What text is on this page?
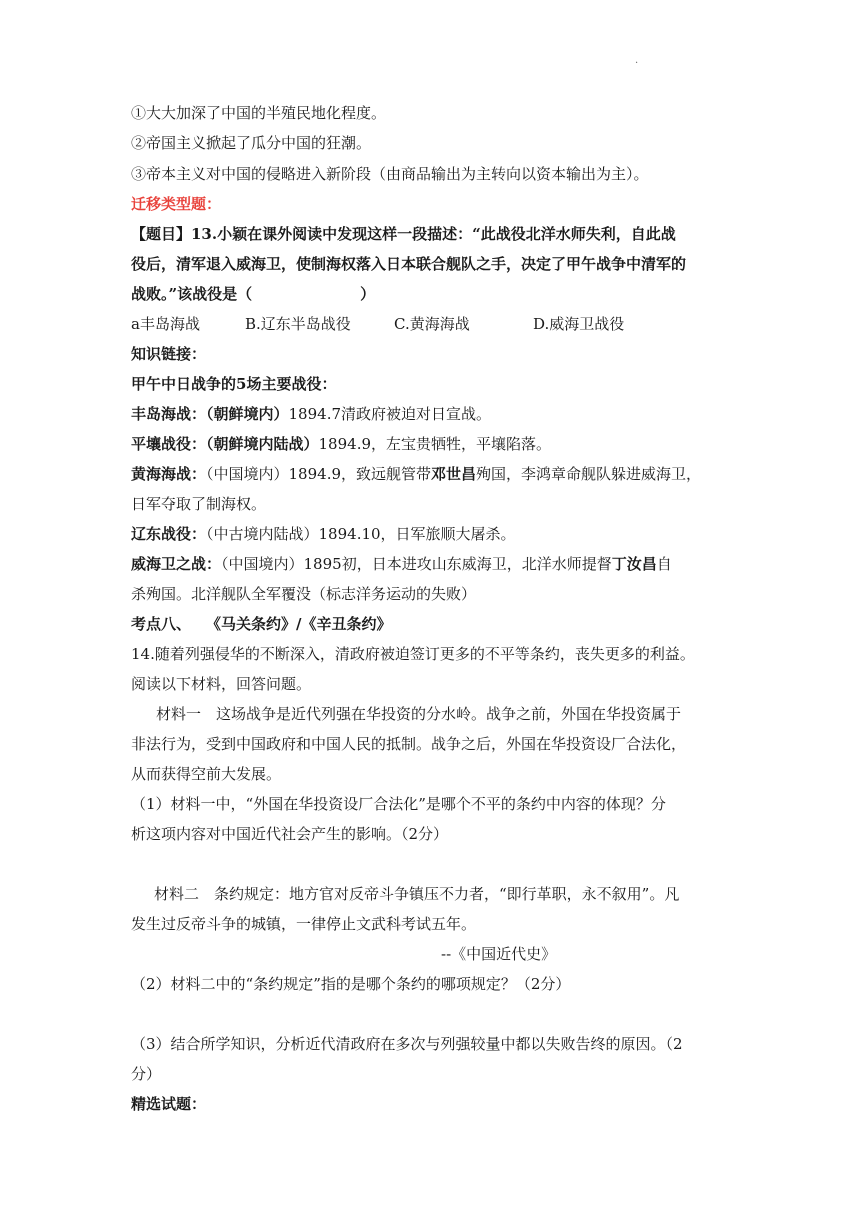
.
①大大加深了中国的半殖民地化程度。
②帝国主义掀起了瓜分中国的狂潮。
③帝本主义对中国的侵略进入新阶段（由商品输出为主转向以资本输出为主）。
迁移类型题：
【题目】13.小颖在课外阅读中发现这样一段描述：“此战役北洋水师失利，自此战
役后，清军退入威海卫，使制海权落入日本联合舰队之手，决定了甲午战争中清军的
战败。”该战役是（	）
a丰岛海战	B.辽东半岛战役	C.黄海海战	D.威海卫战役
知识链接：
甲午中日战争的5场主要战役：
丰岛海战：（朝鲜境内）1894.7清政府被迫对日宣战。
平壤战役：（朝鲜境内陆战）1894.9，左宝贵牺牲，平壤陷落。
黄海海战：（中国境内）1894.9，致远舰管带邓世昌殉国，李鸿章命舰队躲进威海卫，
日军夺取了制海权。
辽东战役：（中古境内陆战）1894.10，日军旅顺大屠杀。
威海卫之战：（中国境内）1895初，日本进攻山东威海卫，北洋水师提督丁汝昌自
杀殉国。北洋舰队全军覆没（标志洋务运动的失败）
考点八、　　《马关条约》/《辛丑条约》
14.随着列强侵华的不断深入，清政府被迫签订更多的不平等条约，丧失更多的利益。
阅读以下材料，回答问题。
材料一　这场战争是近代列强在华投资的分水岭。战争之前，外国在华投资属于
非法行为，受到中国政府和中国人民的抵制。战争之后，外国在华投资设厂合法化，
从而获得空前大发展。
（1）材料一中，“外国在华投资设厂合法化”是哪个不平的条约中内容的体现？分
析这项内容对中国近代社会产生的影响。（2分）
材料二　条约规定：地方官对反帝斗争镇压不力者，“即行革职，永不叙用”。凡
发生过反帝斗争的城镇，一律停止文武科考试五年。
--《中国近代史》
（2）材料二中的“条约规定”指的是哪个条约的哪项规定？（2分）
（3）结合所学知识，分析近代清政府在多次与列强较量中都以失败告终的原因。（2
分）
精选试题：
